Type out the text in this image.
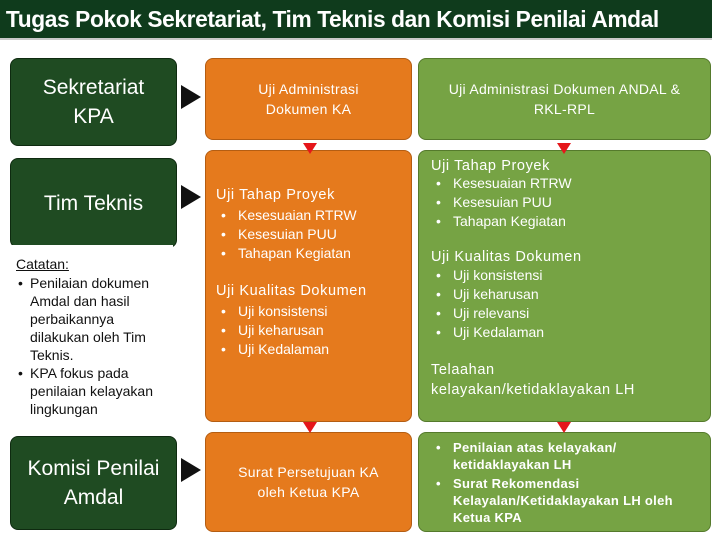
Tugas Pokok Sekretariat, Tim Teknis dan Komisi Penilai Amdal
Sekretariat
KPA
Tim Teknis
Catatan:
• Penilaian dokumen Amdal dan hasil perbaikannya dilakukan oleh Tim Teknis.
• KPA fokus pada penilaian kelayakan lingkungan
Komisi Penilai
Amdal
Uji Administrasi
Dokumen KA
Uji Tahap Proyek
• Kesesuaian RTRW
• Kesesuian PUU
• Tahapan Kegiatan
Uji Kualitas Dokumen
• Uji konsistensi
• Uji keharusan
• Uji Kedalaman
Surat Persetujuan KA
oleh Ketua KPA
Uji Administrasi Dokumen ANDAL &
RKL-RPL
Uji Tahap Proyek
• Kesesuaian RTRW
• Kesesuian PUU
• Tahapan Kegiatan
Uji Kualitas Dokumen
• Uji konsistensi
• Uji keharusan
• Uji relevansi
• Uji Kedalaman
Telaahan
kelayakan/ketidaklayakan LH
• Penilaian atas kelayakan/ ketidaklayakan LH
• Surat Rekomendasi Kelayalan/Ketidaklayakan LH oleh Ketua KPA
